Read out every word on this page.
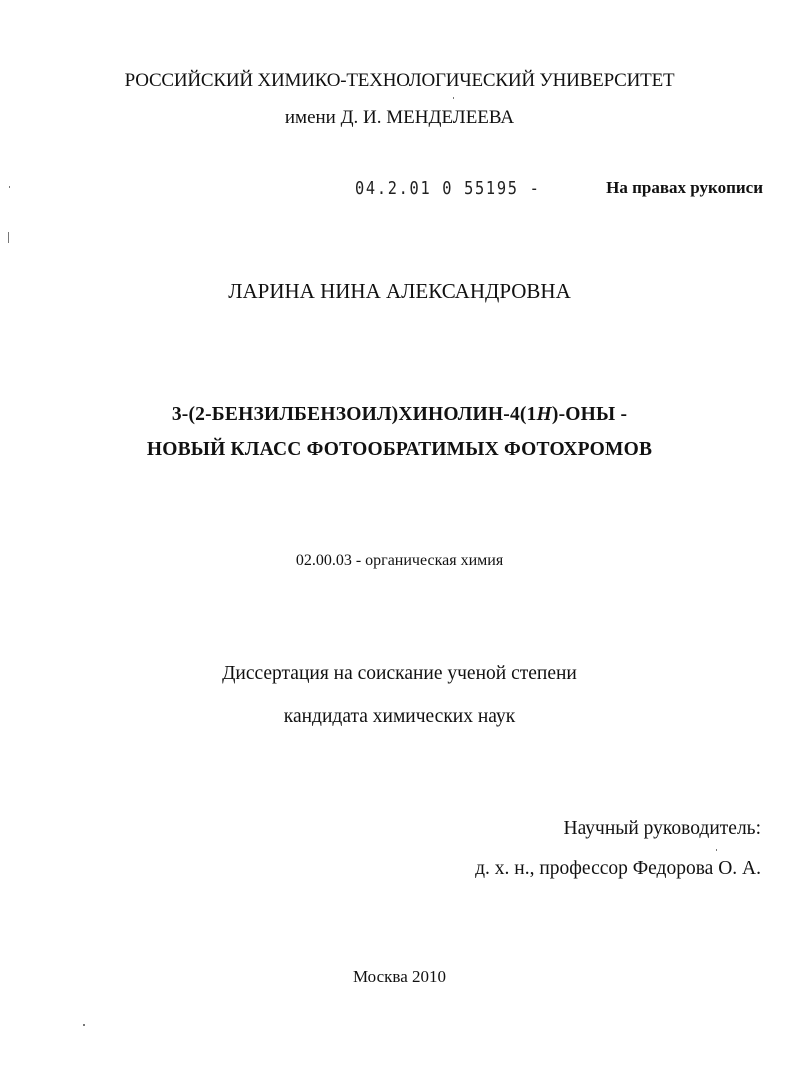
РОССИЙСКИЙ ХИМИКО-ТЕХНОЛОГИЧЕСКИЙ УНИВЕРСИТЕТ
имени Д. И. МЕНДЕЛЕЕВА
04.2.01 0 55195 -	На правах рукописи
ЛАРИНА НИНА АЛЕКСАНДРОВНА
3-(2-БЕНЗИЛБЕНЗОИЛ)ХИНОЛИН-4(1H)-ОНЫ -
НОВЫЙ КЛАСС ФОТООБРАТИМЫХ ФОТОХРОМОВ
02.00.03 - органическая химия
Диссертация на соискание ученой степени
кандидата химических наук
Научный руководитель:
д. х. н., профессор Федорова О. А.
Москва 2010
